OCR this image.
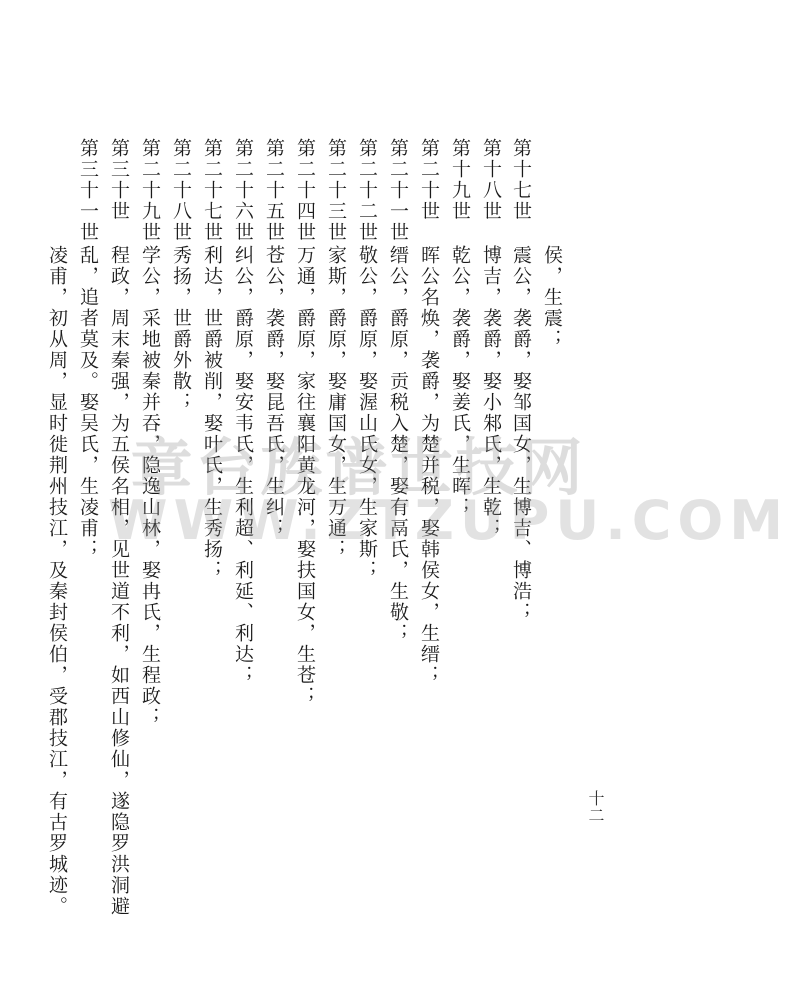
第十七世
第十八世
第十九世
第二十世
第二十一世
第二十二世
第二十三世
第二十四世
第二十五世
第二十六世
第二十七世
第二十八世
第二十九世
第三十世
第三十一世
侯，生震；
震公，袭爵，娶邹国女，生博吉、博浩；
博吉，袭爵，娶小邾氏，生乾；
乾公，袭爵，娶姜氏，生晖；
晖公名焕，袭爵，为楚并税，娶韩侯女，生缙；
缙公，爵原，贡税入楚，娶有鬲氏，生敬；
敬公，爵原，娶渥山氏女，生家斯；
家斯，爵原，娶庸国女，生万通；
万通，爵原，家往襄阳黄龙河，娶扶国女，生苍；
苍公，袭爵，娶昆吾氏，生纠；
纠公，爵原，娶安韦氏，生利超、利延、利达；
利达，世爵被削，娶叶氏，生秀扬；
秀扬，世爵外散；
学公，采地被秦并吞，隐逸山林，娶冉氏，生程政；
程政，周末秦强，为五侯名相，见世道不利，如西山修仙，遂隐罗洪洞避
乱，追者莫及。娶吴氏，生凌甫；
凌甫，初从周，显时徙荆州技江，及秦封侯伯，受郡技江，有古罗城迹。	十二
章台族谱世技网
WWW.ZTZUPU.COM
